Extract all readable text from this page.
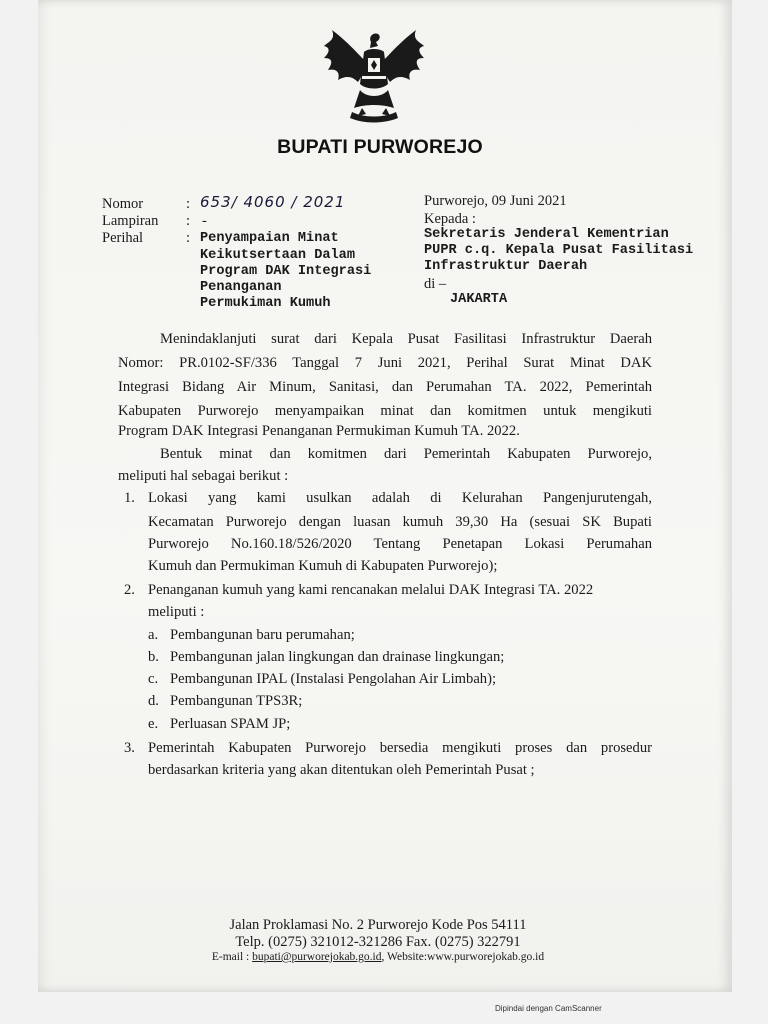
BUPATI PURWOREJO
Nomor
Lampiran
Perihal
:
:
:
653/ 4060 / 2021
-
Penyampaian Minat
Keikutsertaan Dalam
Program DAK Integrasi
Penanganan
Permukiman Kumuh
Purworejo, 09 Juni 2021
Kepada :
Sekretaris Jenderal Kementrian
PUPR c.q. Kepala Pusat Fasilitasi
Infrastruktur Daerah
di –
JAKARTA
Menindaklanjuti surat dari Kepala Pusat Fasilitasi Infrastruktur Daerah
Nomor: PR.0102-SF/336 Tanggal 7 Juni 2021, Perihal Surat Minat DAK
Integrasi Bidang Air Minum, Sanitasi, dan Perumahan TA. 2022, Pemerintah
Kabupaten Purworejo menyampaikan minat dan komitmen untuk mengikuti
Program DAK Integrasi Penanganan Permukiman Kumuh TA. 2022.
Bentuk minat dan komitmen dari Pemerintah Kabupaten Purworejo,
meliputi hal sebagai berikut :
1. Lokasi yang kami usulkan adalah di Kelurahan Pangenjurutengah,
Kecamatan Purworejo dengan luasan kumuh 39,30 Ha (sesuai SK Bupati
Purworejo No.160.18/526/2020 Tentang Penetapan Lokasi Perumahan
Kumuh dan Permukiman Kumuh di Kabupaten Purworejo);
2. Penanganan kumuh yang kami rencanakan melalui DAK Integrasi TA. 2022
meliputi :
a. Pembangunan baru perumahan;
b. Pembangunan jalan lingkungan dan drainase lingkungan;
c. Pembangunan IPAL (Instalasi Pengolahan Air Limbah);
d. Pembangunan TPS3R;
e. Perluasan SPAM JP;
3. Pemerintah Kabupaten Purworejo bersedia mengikuti proses dan prosedur
berdasarkan kriteria yang akan ditentukan oleh Pemerintah Pusat ;
Jalan Proklamasi No. 2 Purworejo Kode Pos 54111
Telp. (0275) 321012-321286 Fax. (0275) 322791
E-mail : bupati@purworejokab.go.id, Website:www.purworejokab.go.id
Dipindai dengan CamScanner
